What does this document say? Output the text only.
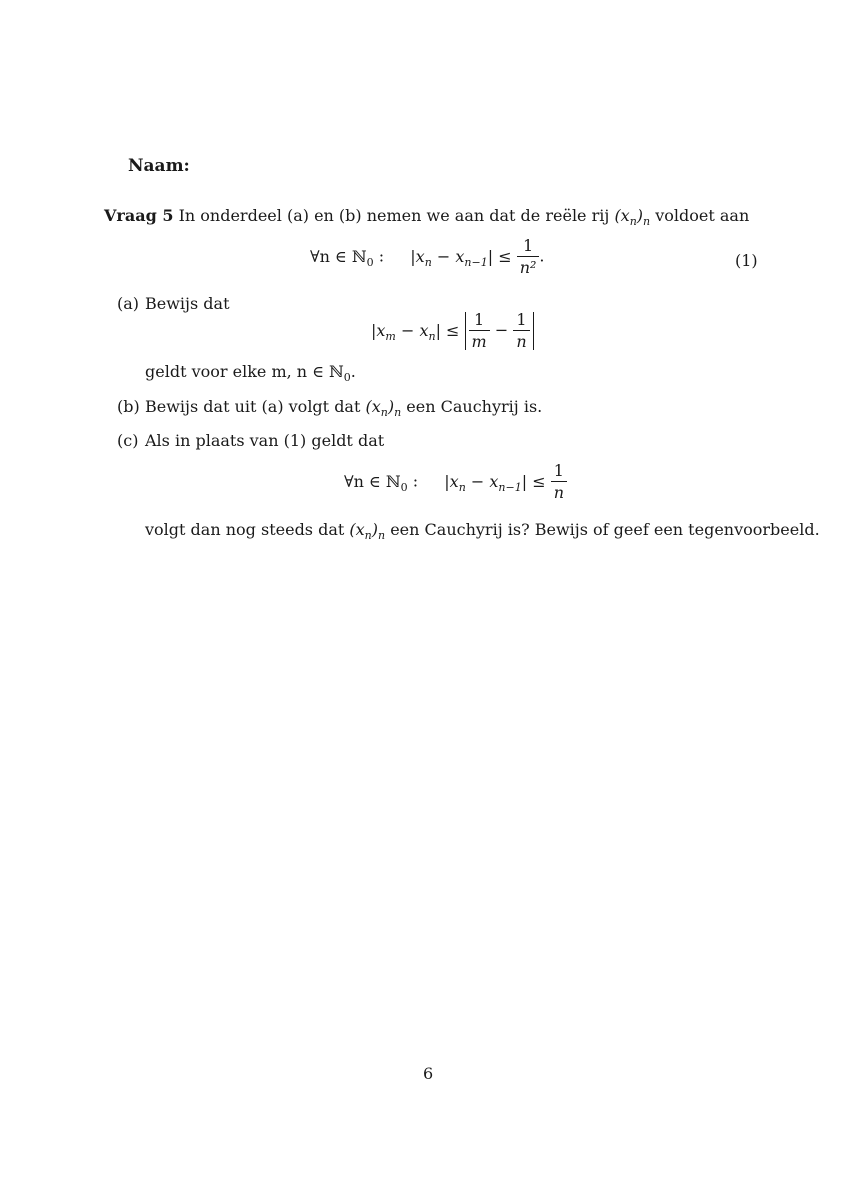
Naam:
Vraag 5 In onderdeel (a) en (b) nemen we aan dat de reële rij $(x_n)_n$ voldoet aan
∀n ∈ ℕ$_0$ : $|x_n - x_{n-1}| \le \frac{1}{\text{n²}}$ .	(1)
(a) Bewijs dat
$|x_m - x_n| \le \frac{1}{m} - \frac{1}{n}$
geldt voor elke m, n ∈ ℕ$_0$.
(b) Bewijs dat uit (a) volgt dat $(x_n)_n$ een Cauchyrij is.
(c) Als in plaats van (1) geldt dat
∀n ∈ ℕ$_0$ : $|x_n - x_{n-1}| \le \frac{1}{n}$
volgt dan nog steeds dat $(x_n)_n$ een Cauchyrij is? Bewijs of geef een tegenvoorbeeld.
6
